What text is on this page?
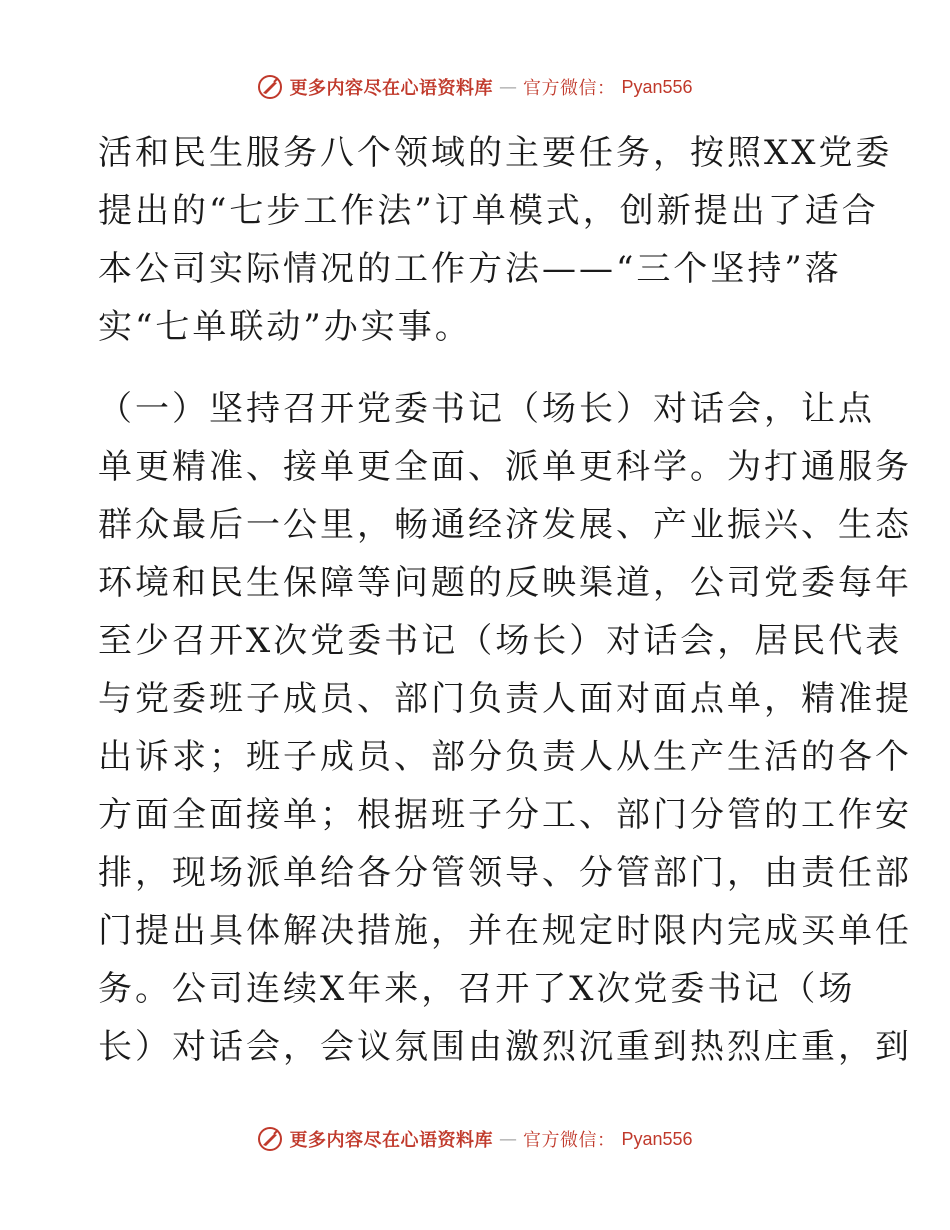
更多内容尽在心语资料库 — 官方微信： Pyan556
活和民生服务八个领域的主要任务，按照XX党委
提出的“七步工作法”订单模式，创新提出了适合
本公司实际情况的工作方法——“三个坚持”落
实“七单联动”办实事。
（一）坚持召开党委书记（场长）对话会，让点
单更精准、接单更全面、派单更科学。为打通服务
群众最后一公里，畅通经济发展、产业振兴、生态
环境和民生保障等问题的反映渠道，公司党委每年
至少召开X次党委书记（场长）对话会，居民代表
与党委班子成员、部门负责人面对面点单，精准提
出诉求；班子成员、部分负责人从生产生活的各个
方面全面接单；根据班子分工、部门分管的工作安
排，现场派单给各分管领导、分管部门，由责任部
门提出具体解决措施，并在规定时限内完成买单任
务。公司连续X年来，召开了X次党委书记（场
长）对话会，会议氛围由激烈沉重到热烈庄重，到
更多内容尽在心语资料库 — 官方微信： Pyan556
